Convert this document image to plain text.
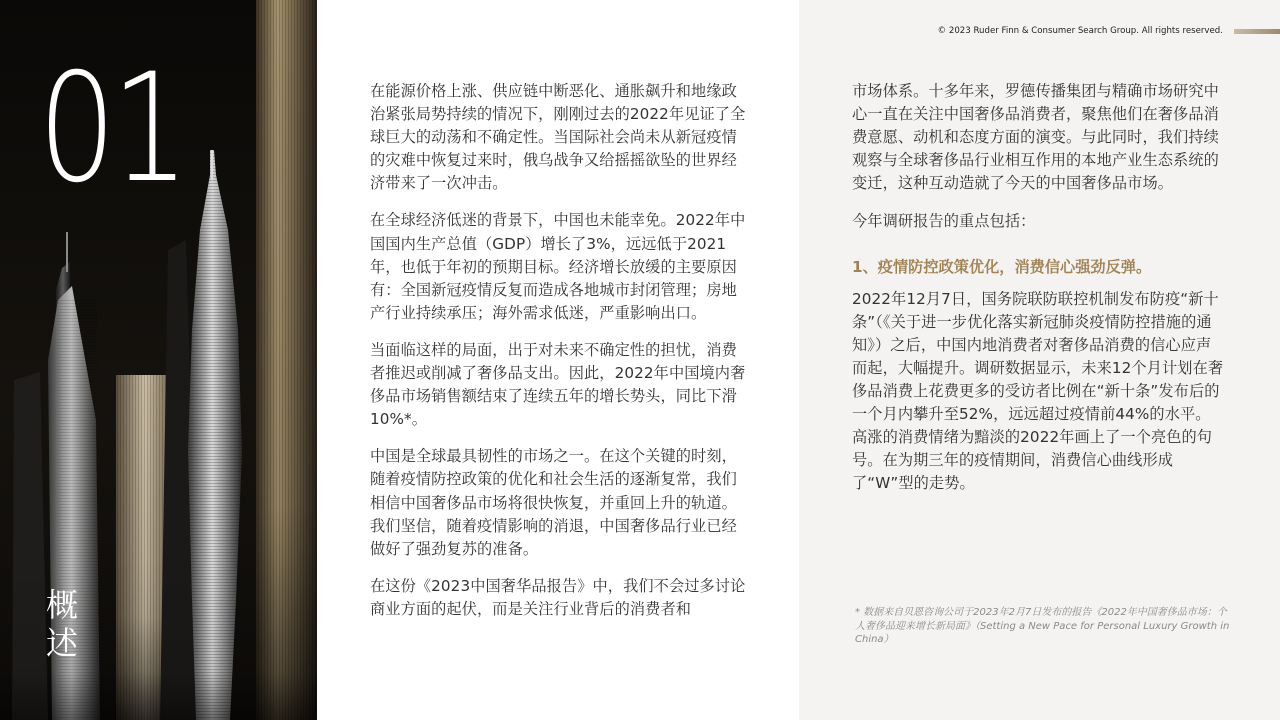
01
概述

在能源价格上涨、供应链中断恶化、通胀飙升和地缘政治紧张局势持续的情况下，刚刚过去的2022年见证了全球巨大的动荡和不确定性。当国际社会尚未从新冠疫情的灾难中恢复过来时，俄乌战争又给摇摇欲坠的世界经济带来了一次冲击。

在全球经济低迷的背景下，中国也未能幸免。2022年中国国内生产总值（GDP）增长了3%，远远低于2021年，也低于年初的预期目标。经济增长放缓的主要原因有：全国新冠疫情反复而造成各地城市封闭管理；房地产行业持续承压；海外需求低迷，严重影响出口。

当面临这样的局面，出于对未来不确定性的担忧，消费者推迟或削减了奢侈品支出。因此，2022年中国境内奢侈品市场销售额结束了连续五年的增长势头，同比下滑10%*。

中国是全球最具韧性的市场之一。在这个关键的时刻，随着疫情防控政策的优化和社会生活的逐渐复常，我们相信中国奢侈品市场将很快恢复，并重回上升的轨道。我们坚信，随着疫情影响的消退，中国奢侈品行业已经做好了强劲复苏的准备。

在这份《2023中国奢华品报告》中，我们不会过多讨论商业方面的起伏，而是关注行业背后的消费者和

© 2023 Ruder Finn & Consumer Search Group. All rights reserved.

市场体系。十多年来，罗德传播集团与精确市场研究中心一直在关注中国奢侈品消费者，聚焦他们在奢侈品消费意愿、动机和态度方面的演变。与此同时，我们持续观察与全球奢侈品行业相互作用的本地产业生态系统的变迁，这种互动造就了今天的中国奢侈品市场。

今年调研报告的重点包括：

1、疫情防控政策优化，消费信心强劲反弹。

2022年12月7日，国务院联防联控机制发布防疫“新十条”（《关于进一步优化落实新冠肺炎疫情防控措施的通知》）之后，中国内地消费者对奢侈品消费的信心应声而起，大幅提升。调研数据显示，未来12个月计划在奢侈品消费上花费更多的受访者比例在“新十条”发布后的一个月内攀升至52%，远远超过疫情前44%的水平。高涨的消费情绪为黯淡的2022年画上了一个亮色的句号。在为期三年的疫情期间，消费信心曲线形成了“W”型的走势。

* 数据来自贝恩咨询公司于2023年2月7日发布的报告《2022年中国奢侈品市场：个人奢侈品迎来增长新局面》（Setting a New Pace for Personal Luxury Growth in China）
